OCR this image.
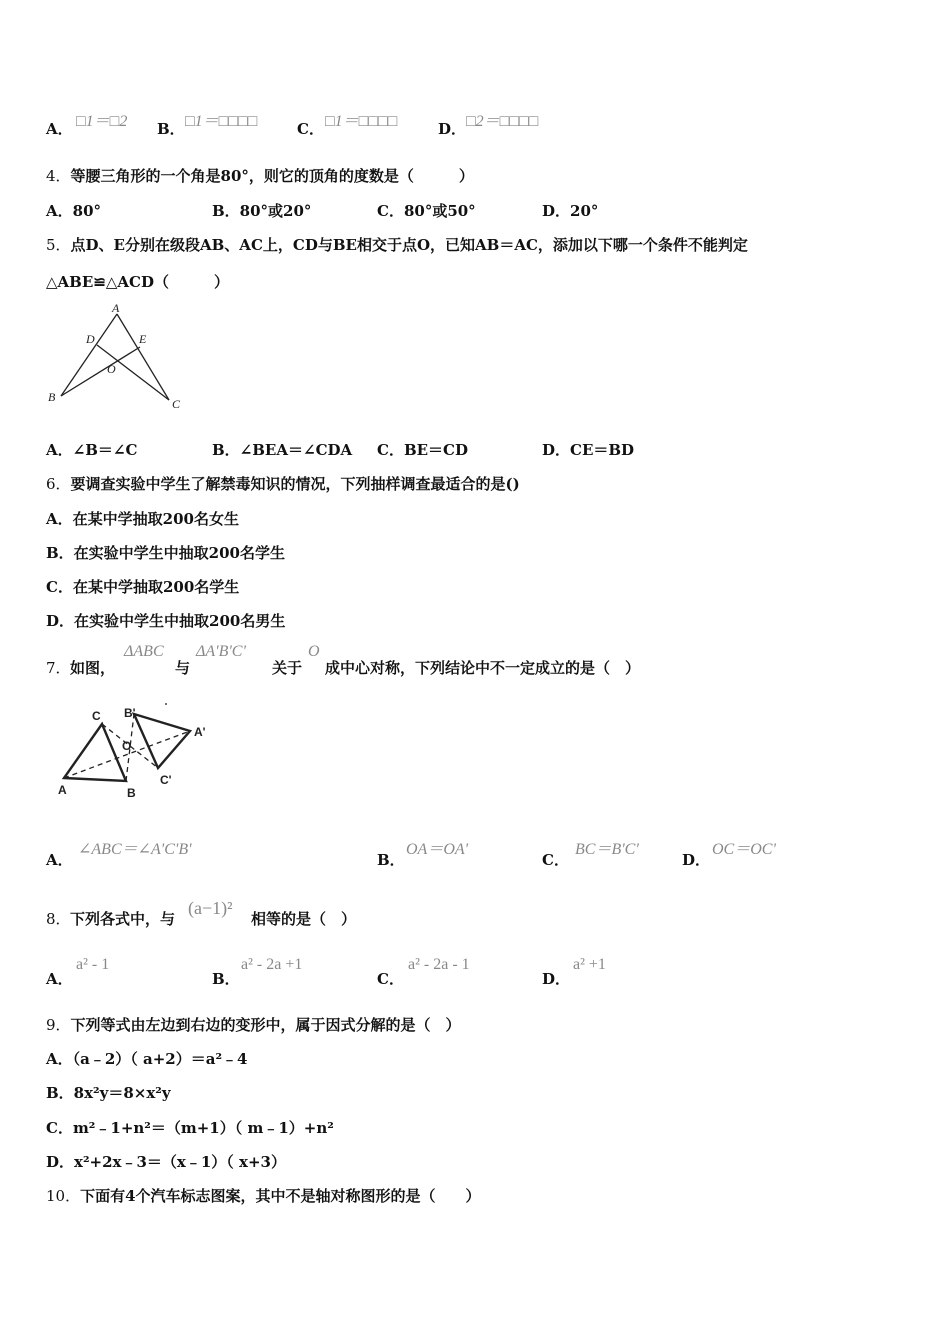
A． □1＝□2 B． □1＝□□□□	C． □1＝□□□□	D． □2＝□□□□
4．等腰三角形的一个角是80°，则它的顶角的度数是（　　　）
A．80°	B．80°或20°	C．80°或50°	D．20°
5．点D、E分别在级段AB、AC上，CD与BE相交于点O，已知AB＝AC，添加以下哪一个条件不能判定
△ABE≌△ACD（　　　）
A
B	C
D	E
O
A．∠B＝∠C	B．∠BEA＝∠CDA C．BE＝CD	D．CE＝BD
6．要调查实验中学生了解禁毒知识的情况，下列抽样调查最适合的是()
A．在某中学抽取200名女生
B．在实验中学生中抽取200名学生
C．在某中学抽取200名学生
D．在实验中学生中抽取200名男生
7． 如图，
ΔABC
与
ΔA'B'C'
关于
O
成中心对称，下列结论中不一定成立的是（　）
A	B
C
A'
B'
C'
O
A．
∠ABC＝∠A'C'B'
B．
OA＝OA'
C．
BC＝B'C'
D．
OC＝OC'
8． 下列各式中，与
(a−1)²
相等的是（　）
A．
a² - 1
B．
a² - 2a +1
C．
a² - 2a - 1
D．
a² +1
9．下列等式由左边到右边的变形中，属于因式分解的是（　）
A．（a﹣2）（ a+2）＝a²﹣4
B．8x²y＝8×x²y
C．m²﹣1+n²＝（m+1）（ m﹣1）+n²
D．x²+2x﹣3＝（x﹣1）（ x+3）
10．下面有4个汽车标志图案，其中不是轴对称图形的是（　　）
